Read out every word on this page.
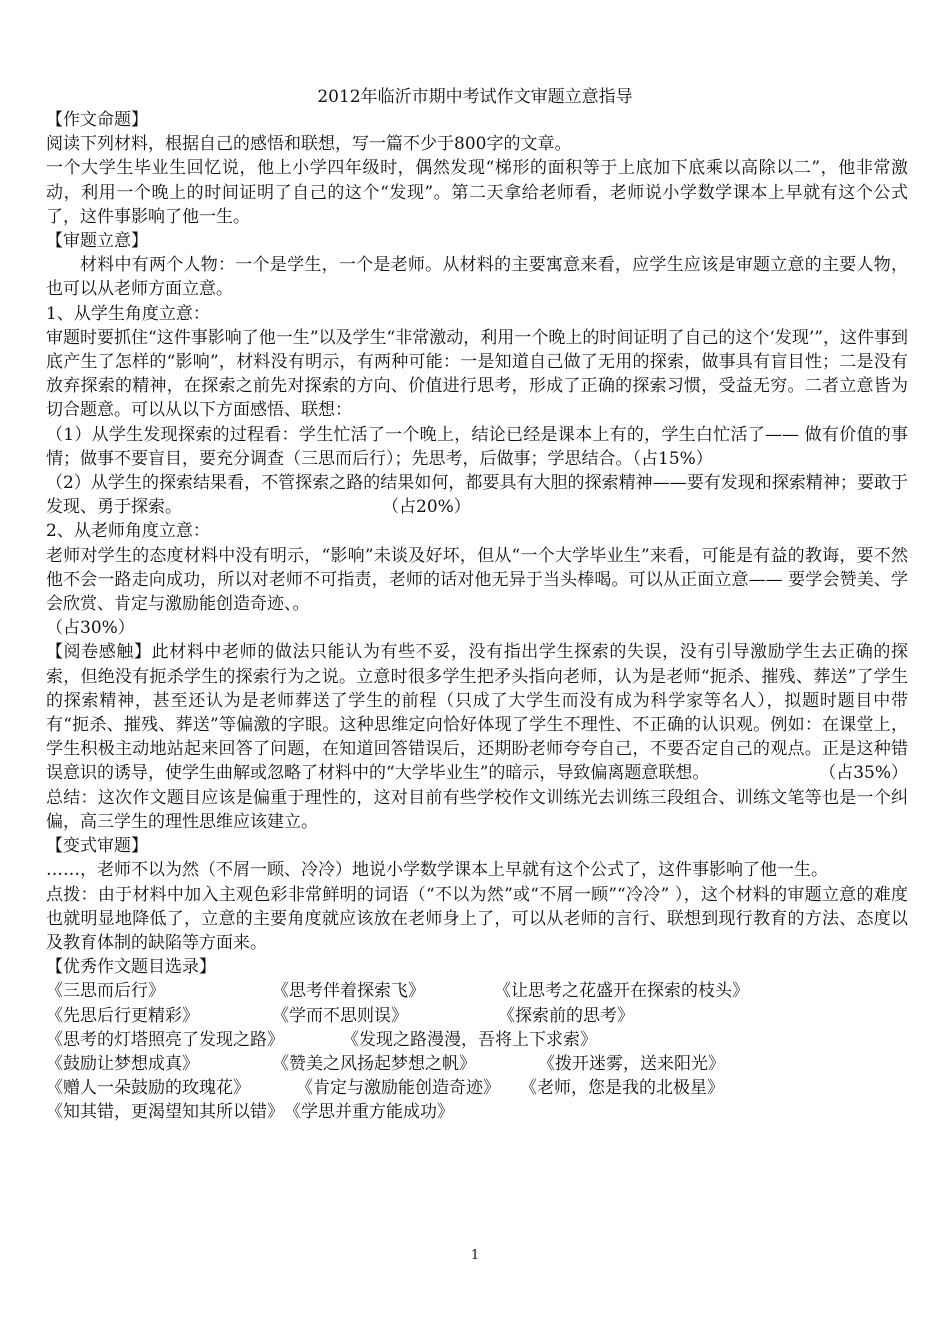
2012年临沂市期中考试作文审题立意指导

【作文命题】

阅读下列材料，根据自己的感悟和联想，写一篇不少于800字的文章。

一个大学生毕业生回忆说，他上小学四年级时，偶然发现“梯形的面积等于上底加下底乘以高除以二”，他非常激动，利用一个晚上的时间证明了自己的这个“发现”。第二天拿给老师看，老师说小学数学课本上早就有这个公式了，这件事影响了他一生。

【审题立意】

材料中有两个人物：一个是学生，一个是老师。从材料的主要寓意来看，应学生应该是审题立意的主要人物，也可以从老师方面立意。

1、从学生角度立意：

审题时要抓住“这件事影响了他一生”以及学生“非常激动，利用一个晚上的时间证明了自己的这个‘发现’”，这件事到底产生了怎样的“影响”，材料没有明示，有两种可能：一是知道自己做了无用的探索，做事具有盲目性；二是没有放弃探索的精神，在探索之前先对探索的方向、价值进行思考，形成了正确的探索习惯，受益无穷。二者立意皆为切合题意。可以从以下方面感悟、联想：

（1）从学生发现探索的过程看：学生忙活了一个晚上，结论已经是课本上有的，学生白忙活了—— 做有价值的事情；做事不要盲目，要充分调查（三思而后行）；先思考，后做事；学思结合。（占15%）

（2）从学生的探索结果看，不管探索之路的结果如何，都要具有大胆的探索精神——要有发现和探索精神；要敢于发现、勇于探索。	（占20%）

2、从老师角度立意：

老师对学生的态度材料中没有明示，“影响”未谈及好坏，但从“一个大学毕业生”来看，可能是有益的教诲，要不然他不会一路走向成功，所以对老师不可指责，老师的话对他无异于当头棒喝。可以从正面立意—— 要学会赞美、学会欣赏、肯定与激励能创造奇迹、。

（占30%）

【阅卷感触】此材料中老师的做法只能认为有些不妥，没有指出学生探索的失误，没有引导激励学生去正确的探索，但绝没有扼杀学生的探索行为之说。立意时很多学生把矛头指向老师，认为是老师“扼杀、摧残、葬送”了学生的探索精神，甚至还认为是老师葬送了学生的前程（只成了大学生而没有成为科学家等名人），拟题时题目中带有“扼杀、摧残、葬送”等偏激的字眼。这种思维定向恰好体现了学生不理性、不正确的认识观。例如：在课堂上，学生积极主动地站起来回答了问题，在知道回答错误后，还期盼老师夸夸自己，不要否定自己的观点。正是这种错误意识的诱导，使学生曲解或忽略了材料中的“大学毕业生”的暗示，导致偏离题意联想。	（占35%）

总结：这次作文题目应该是偏重于理性的，这对目前有些学校作文训练光去训练三段组合、训练文笔等也是一个纠偏，高三学生的理性思维应该建立。

【变式审题】

……，老师不以为然（不屑一顾、冷冷）地说小学数学课本上早就有这个公式了，这件事影响了他一生。

点拨：由于材料中加入主观色彩非常鲜明的词语（“不以为然”或“不屑一顾”“冷冷” ），这个材料的审题立意的难度也就明显地降低了，立意的主要角度就应该放在老师身上了，可以从老师的言行、联想到现行教育的方法、态度以及教育体制的缺陷等方面来。

【优秀作文题目选录】

《三思而后行》	《思考伴着探索飞》	《让思考之花盛开在探索的枝头》
《先思后行更精彩》	《学而不思则误》	《探索前的思考》
《思考的灯塔照亮了发现之路》	《发现之路漫漫，吾将上下求索》
《鼓励让梦想成真》	《赞美之风扬起梦想之帆》	《拨开迷雾，送来阳光》
《赠人一朵鼓励的玫瑰花》	《肯定与激励能创造奇迹》 《老师，您是我的北极星》
《知其错，更渴望知其所以错》《学思并重方能成功》
1
